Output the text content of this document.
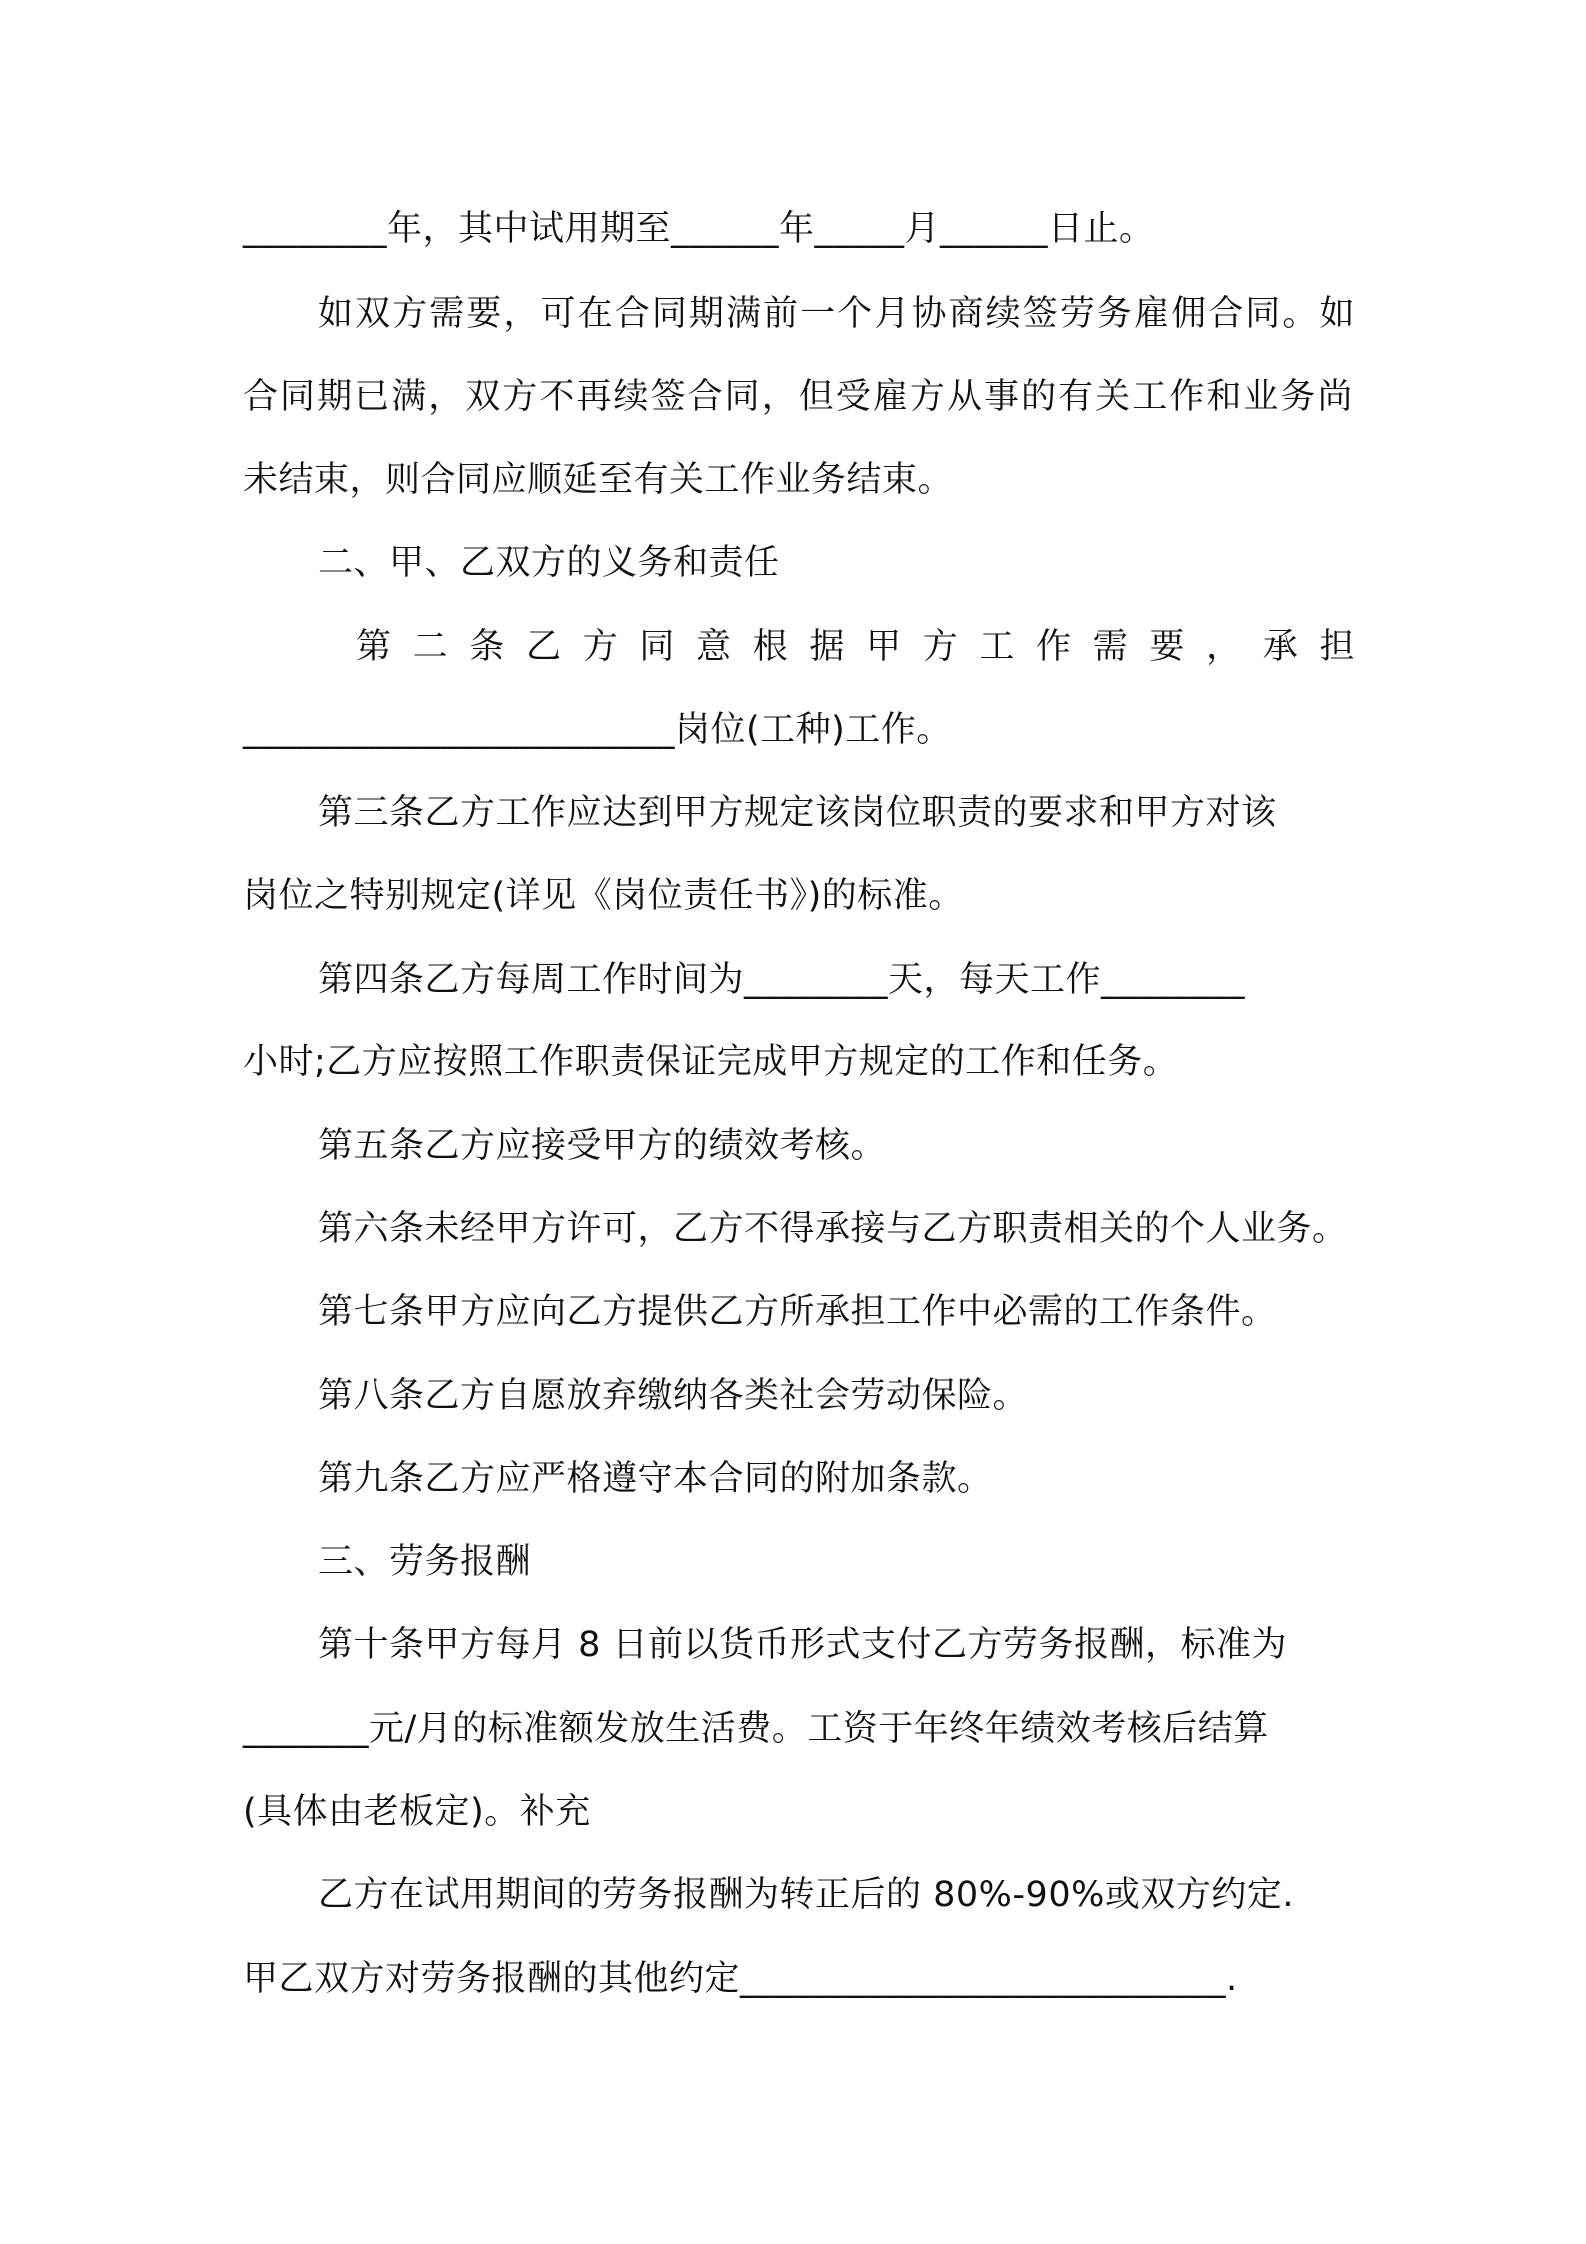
________年，其中试用期至______年_____月______日止。
如双方需要，可在合同期满前一个月协商续签劳务雇佣合同。如
合同期已满，双方不再续签合同，但受雇方从事的有关工作和业务尚
未结束，则合同应顺延至有关工作业务结束。
二、甲、乙双方的义务和责任
第二条乙方同意根据甲方工作需要，承担
________________________岗位(工种)工作。
第三条乙方工作应达到甲方规定该岗位职责的要求和甲方对该
岗位之特别规定(详见《岗位责任书》)的标准。
第四条乙方每周工作时间为________天，每天工作________
小时;乙方应按照工作职责保证完成甲方规定的工作和任务。
第五条乙方应接受甲方的绩效考核。
第六条未经甲方许可，乙方不得承接与乙方职责相关的个人业务。
第七条甲方应向乙方提供乙方所承担工作中必需的工作条件。
第八条乙方自愿放弃缴纳各类社会劳动保险。
第九条乙方应严格遵守本合同的附加条款。
三、劳务报酬
第十条甲方每月 8 日前以货币形式支付乙方劳务报酬，标准为
_______元/月的标准额发放生活费。工资于年终年绩效考核后结算
(具体由老板定)。补充
乙方在试用期间的劳务报酬为转正后的 80%-90%或双方约定.
甲乙双方对劳务报酬的其他约定___________________________.
